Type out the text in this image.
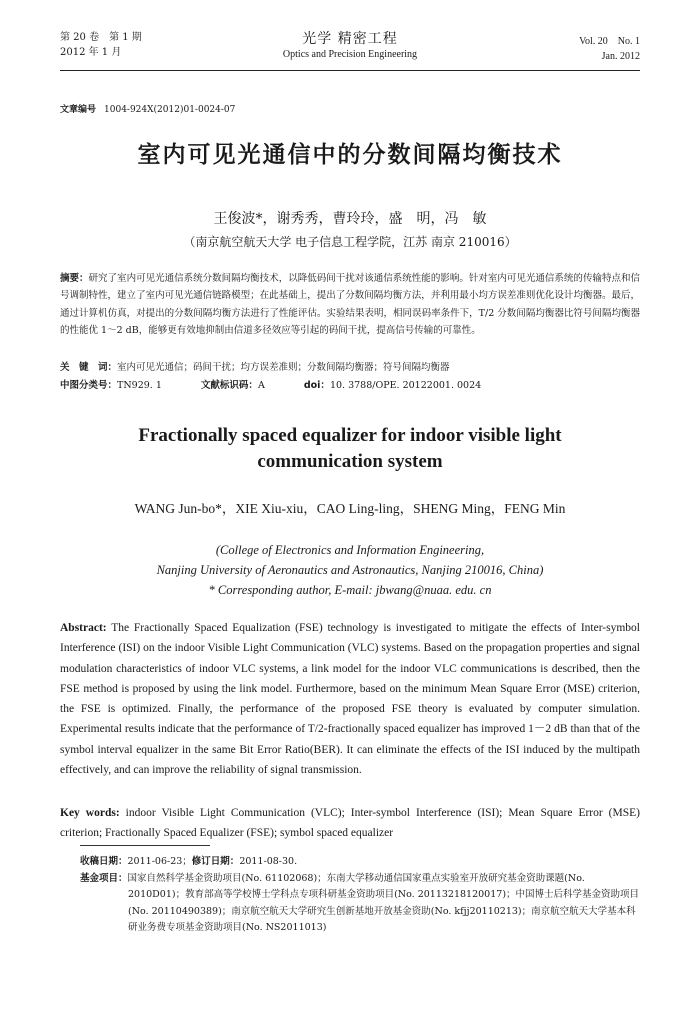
第 20 卷　第 1 期
2012 年 1 月
光学 精密工程
Optics and Precision Engineering
Vol. 20　No. 1
Jan. 2012
文章编号 1004-924X(2012)01-0024-07
室内可见光通信中的分数间隔均衡技术
王俊波*，谢秀秀，曹玲玲，盛　明，冯　敏
（南京航空航天大学 电子信息工程学院，江苏 南京 210016）
摘要：研究了室内可见光通信系统分数间隔均衡技术，以降低码间干扰对该通信系统性能的影响。针对室内可见光通信系统的传输特点和信号调制特性，建立了室内可见光通信链路模型；在此基础上，提出了分数间隔均衡方法，并利用最小均方误差准则优化设计均衡器。最后，通过计算机仿真，对提出的分数间隔均衡方法进行了性能评估。实验结果表明，相同误码率条件下，T/2 分数间隔均衡器比符号间隔均衡器的性能优 1～2 dB，能够更有效地抑制由信道多径效应等引起的码间干扰，提高信号传输的可靠性。
关　键　词：室内可见光通信；码间干扰；均方误差准则；分数间隔均衡器；符号间隔均衡器
中图分类号：TN929. 1	文献标识码：A	doi：10. 3788/OPE. 20122001. 0024
Fractionally spaced equalizer for indoor visible light
communication system
WANG Jun-bo*，XIE Xiu-xiu，CAO Ling-ling，SHENG Ming，FENG Min
(College of Electronics and Information Engineering,
Nanjing University of Aeronautics and Astronautics, Nanjing 210016, China)
* Corresponding author, E-mail: jbwang@nuaa. edu. cn
Abstract: The Fractionally Spaced Equalization (FSE) technology is investigated to mitigate the effects of Inter-symbol Interference (ISI) on the indoor Visible Light Communication (VLC) systems. Based on the propagation properties and signal modulation characteristics of indoor VLC systems, a link model for the indoor VLC communications is described, then the FSE method is proposed by using the link model. Furthermore, based on the minimum Mean Square Error (MSE) criterion, the FSE is optimized. Finally, the performance of the proposed FSE theory is evaluated by computer simulation. Experimental results indicate that the performance of T/2-fractionally spaced equalizer has improved 1－2 dB than that of the symbol interval equalizer in the same Bit Error Ratio(BER). It can eliminate the effects of the ISI induced by the multipath effectively, and can improve the reliability of signal transmission.
Key words: indoor Visible Light Communication (VLC); Inter-symbol Interference (ISI); Mean Square Error (MSE) criterion; Fractionally Spaced Equalizer (FSE); symbol spaced equalizer
收稿日期：2011-06-23；修订日期：2011-08-30.
基金项目：国家自然科学基金资助项目(No. 61102068)；东南大学移动通信国家重点实验室开放研究基金资助课题(No. 2010D01)；教育部高等学校博士学科点专项科研基金资助项目(No. 20113218120017)；中国博士后科学基金资助项目(No. 20110490389)；南京航空航天大学研究生创新基地开放基金资助(No. kfjj20110213)；南京航空航天大学基本科研业务费专项基金资助项目(No. NS2011013)
